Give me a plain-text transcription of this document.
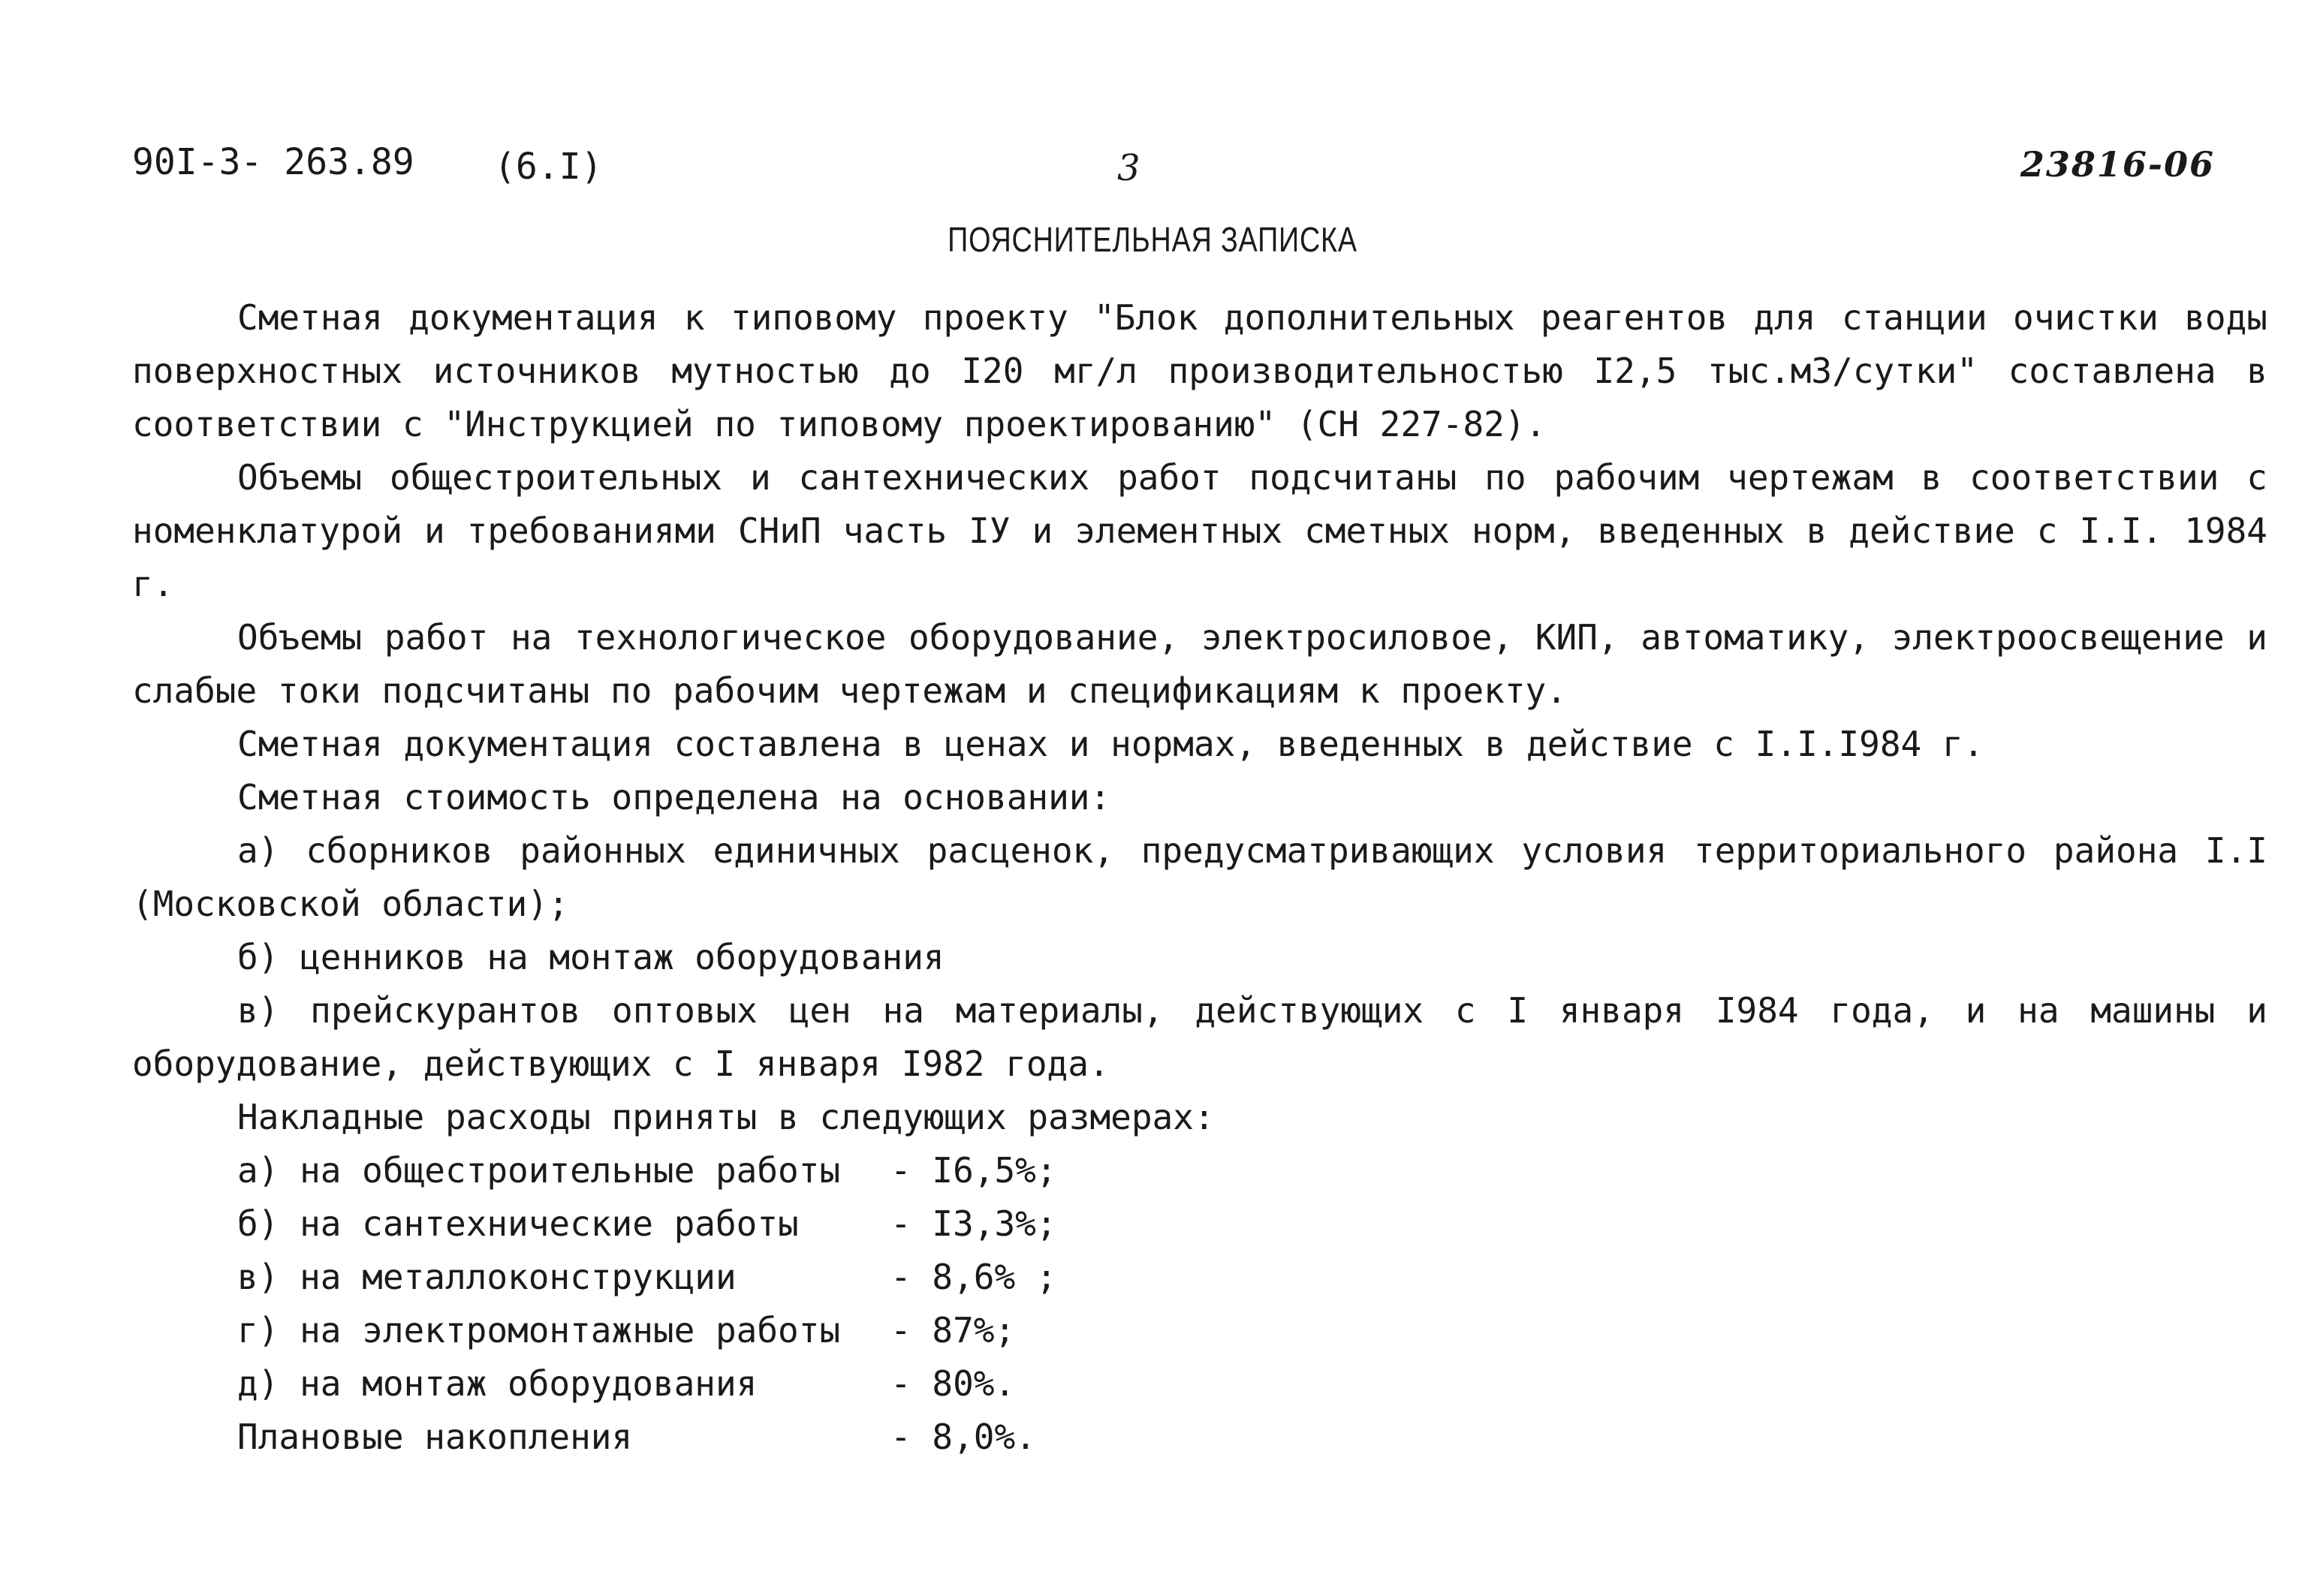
90I-3- 263.89 (6.I)	3	23816-06
ПОЯСНИТЕЛЬНАЯ ЗАПИСКА

Сметная документация к типовому проекту "Блок дополнительных реагентов для станции очистки воды поверхностных источников мутностью до I20 мг/л производительностью I2,5 тыс.м3/сутки" составлена в соответствии с "Инструкцией по типовому проектированию" (СН 227-82).

Объемы общестроительных и сантехнических работ подсчитаны по рабочим чертежам в соответствии с номенклатурой и требованиями СНиП часть IУ и элементных сметных норм, введенных в действие с I.I. 1984 г.

Объемы работ на технологическое оборудование, электросиловое, КИП, автоматику, электроосвещение и слабые токи подсчитаны по рабочим чертежам и спецификациям к проекту.

Сметная документация составлена в ценах и нормах, введенных в действие с I.I.I984 г.

Сметная стоимость определена на основании:

а) сборников районных единичных расценок, предусматривающих условия территориального района I.I (Московской области);

б) ценников на монтаж оборудования

в) прейскурантов оптовых цен на материалы, действующих с I января I984 года, и на машины и оборудование, действующих с I января I982 года.

Накладные расходы приняты в следующих размерах:

а) на общестроительные работы	- I6,5%;
б) на сантехнические работы	- I3,3%;
в) на металлоконструкции	- 8,6% ;
г) на электромонтажные работы	- 87%;
д) на монтаж оборудования	- 80%.
Плановые накопления	- 8,0%.
